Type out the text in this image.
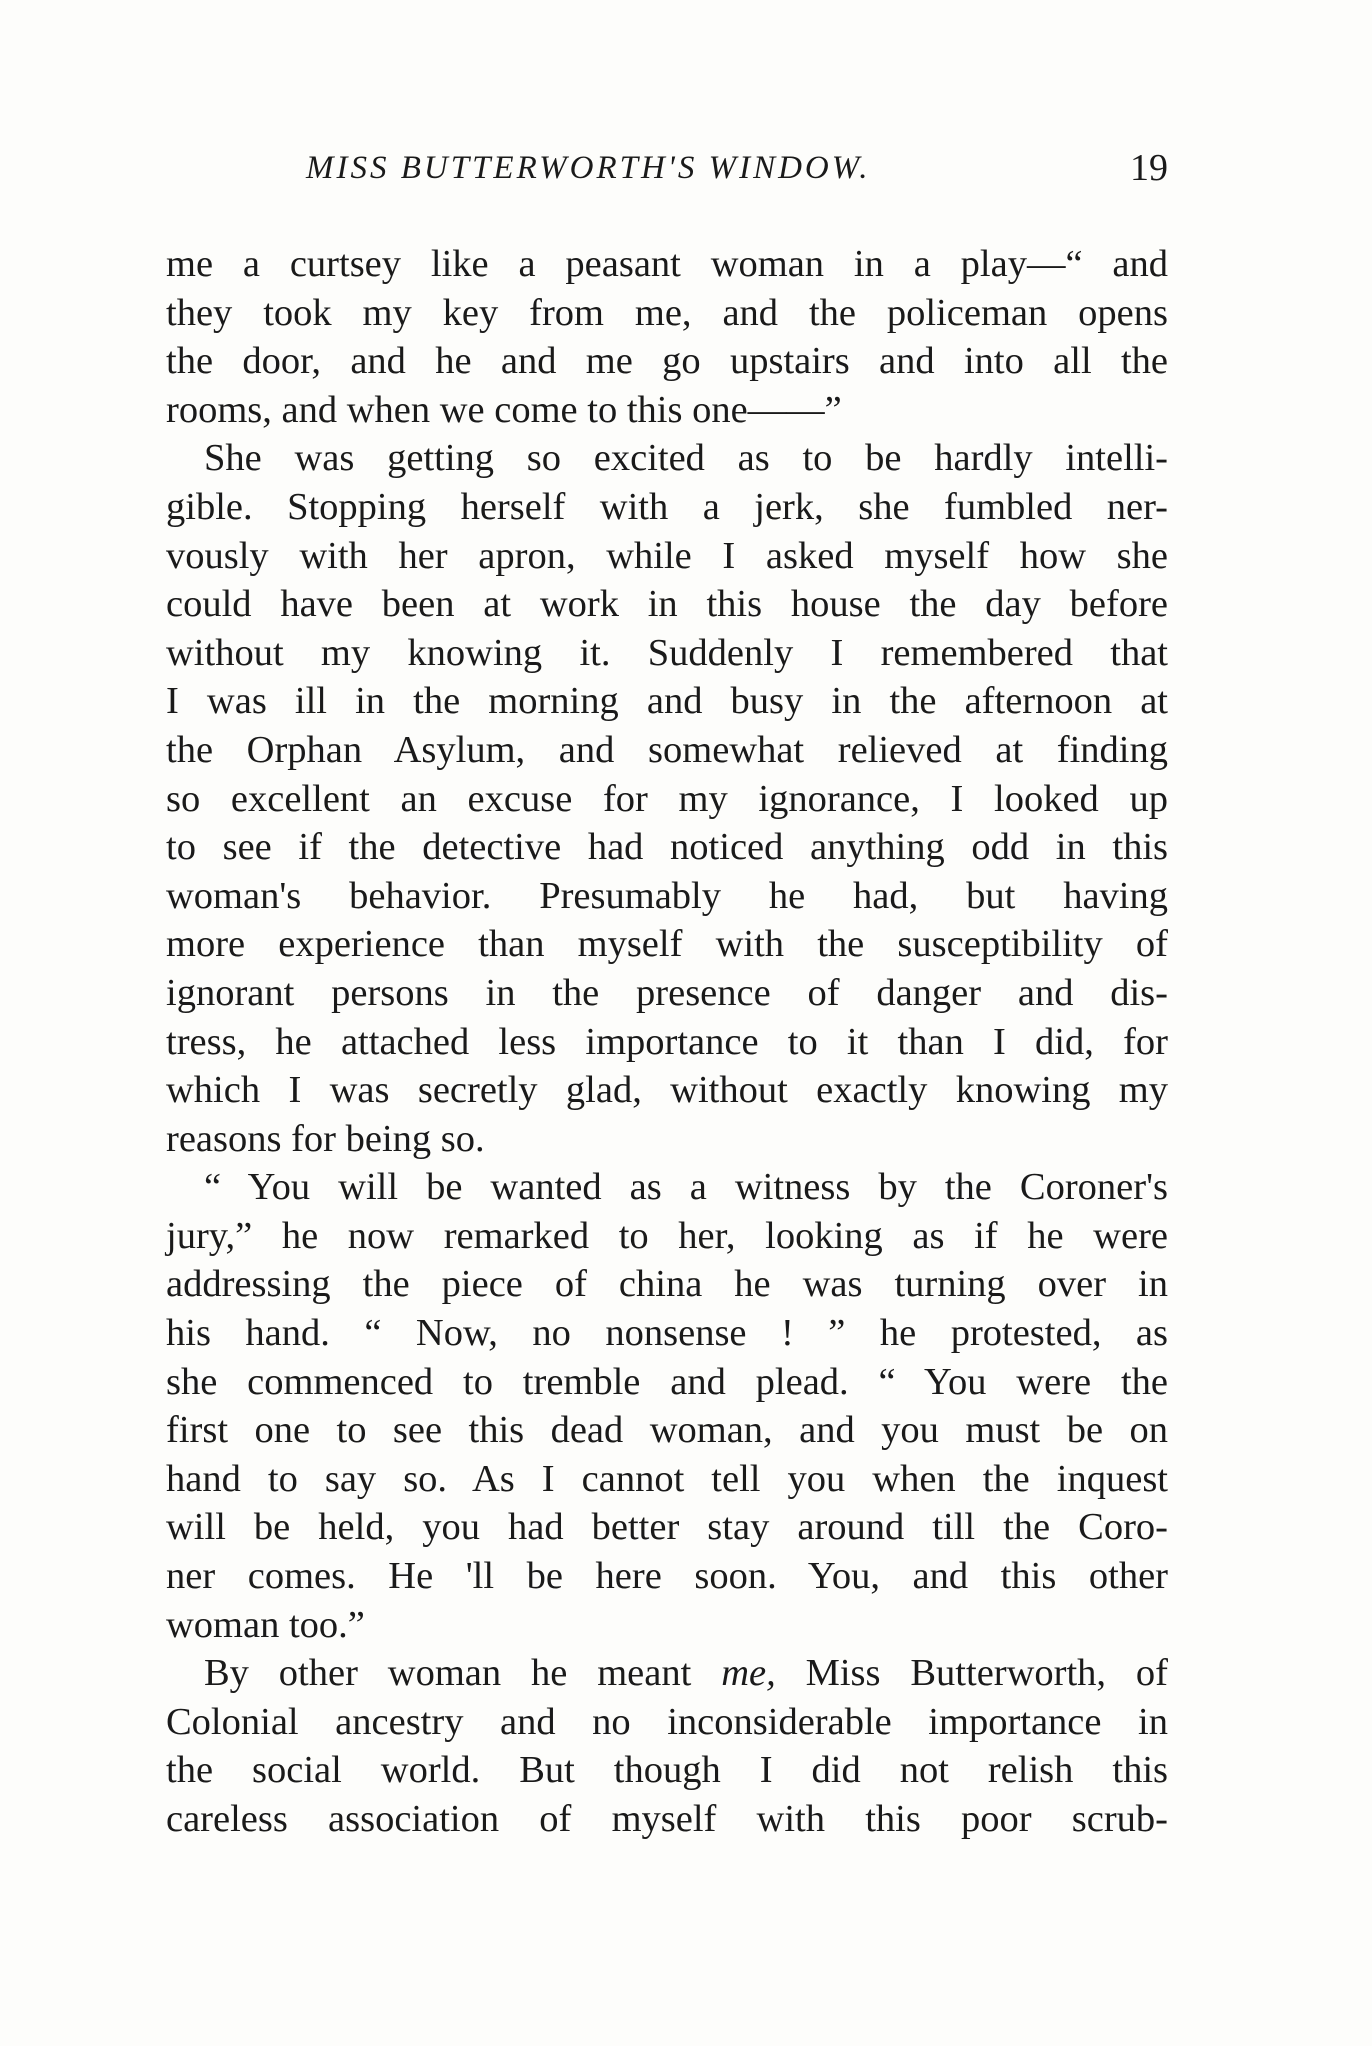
MISS BUTTERWORTH'S WINDOW.	19
me a curtsey like a peasant woman in a play—“ and
they took my key from me, and the policeman opens
the door, and he and me go upstairs and into all the
rooms, and when we come to this one——”
She was getting so excited as to be hardly intelli-
gible. Stopping herself with a jerk, she fumbled ner-
vously with her apron, while I asked myself how she
could have been at work in this house the day before
without my knowing it. Suddenly I remembered that
I was ill in the morning and busy in the afternoon at
the Orphan Asylum, and somewhat relieved at finding
so excellent an excuse for my ignorance, I looked up
to see if the detective had noticed anything odd in this
woman's behavior. Presumably he had, but having
more experience than myself with the susceptibility of
ignorant persons in the presence of danger and dis-
tress, he attached less importance to it than I did, for
which I was secretly glad, without exactly knowing my
reasons for being so.
“ You will be wanted as a witness by the Coroner's
jury,” he now remarked to her, looking as if he were
addressing the piece of china he was turning over in
his hand. “ Now, no nonsense ! ” he protested, as
she commenced to tremble and plead. “ You were the
first one to see this dead woman, and you must be on
hand to say so. As I cannot tell you when the inquest
will be held, you had better stay around till the Coro-
ner comes. He 'll be here soon. You, and this other
woman too.”
By other woman he meant me, Miss Butterworth, of
Colonial ancestry and no inconsiderable importance in
the social world. But though I did not relish this
careless association of myself with this poor scrub-
